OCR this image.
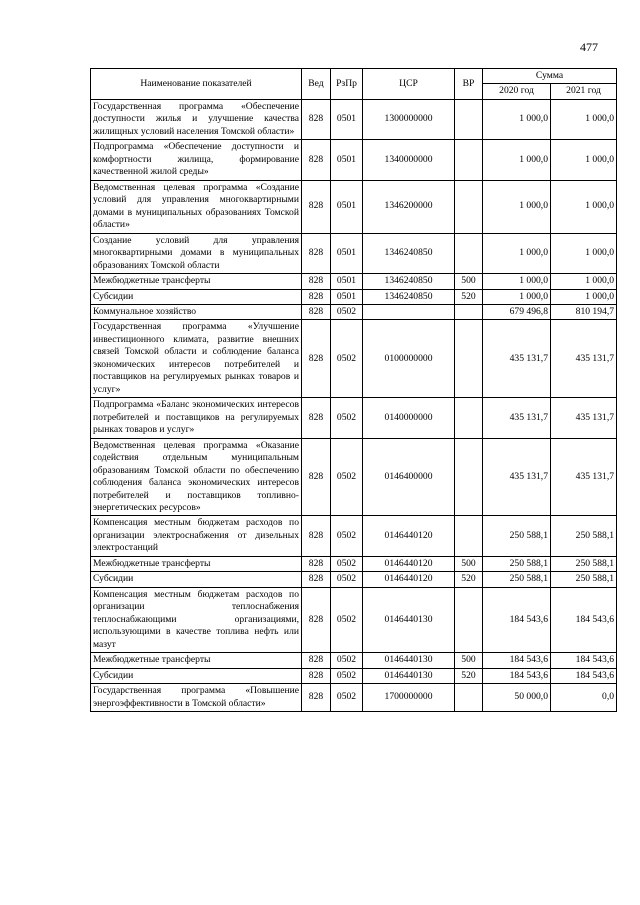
477
Наименование показателей	Вед	РзПр	ЦСР	ВР	Сумма	
					2020 год	2021 год
Государственная программа «Обеспечение доступности жилья и улучшение качества жилищных условий населения Томской области»	828	0501	1300000000		1 000,0	1 000,0
Подпрограмма «Обеспечение доступности и комфортности жилища, формирование качественной жилой среды»	828	0501	1340000000		1 000,0	1 000,0
Ведомственная целевая программа «Создание условий для управления многоквартирными домами в муниципальных образованиях Томской области»	828	0501	1346200000		1 000,0	1 000,0
Создание условий для управления многоквартирными домами в муниципальных образованиях Томской области	828	0501	1346240850		1 000,0	1 000,0
Межбюджетные трансферты	828	0501	1346240850	500	1 000,0	1 000,0
Субсидии	828	0501	1346240850	520	1 000,0	1 000,0
Коммунальное хозяйство	828	0502			679 496,8	810 194,7
Государственная программа «Улучшение инвестиционного климата, развитие внешних связей Томской области и соблюдение баланса экономических интересов потребителей и поставщиков на регулируемых рынках товаров и услуг»	828	0502	0100000000		435 131,7	435 131,7
Подпрограмма «Баланс экономических интересов потребителей и поставщиков на регулируемых рынках товаров и услуг»	828	0502	0140000000		435 131,7	435 131,7
Ведомственная целевая программа «Оказание содействия отдельным муниципальным образованиям Томской области по обеспечению соблюдения баланса экономических интересов потребителей и поставщиков топливно-энергетических ресурсов»	828	0502	0146400000		435 131,7	435 131,7
Компенсация местным бюджетам расходов по организации электроснабжения от дизельных электростанций	828	0502	0146440120		250 588,1	250 588,1
Межбюджетные трансферты	828	0502	0146440120	500	250 588,1	250 588,1
Субсидии	828	0502	0146440120	520	250 588,1	250 588,1
Компенсация местным бюджетам расходов по организации теплоснабжения теплоснабжающими организациями, использующими в качестве топлива нефть или мазут	828	0502	0146440130		184 543,6	184 543,6
Межбюджетные трансферты	828	0502	0146440130	500	184 543,6	184 543,6
Субсидии	828	0502	0146440130	520	184 543,6	184 543,6
Государственная программа «Повышение энергоэффективности в Томской области»	828	0502	1700000000		50 000,0	0,0
